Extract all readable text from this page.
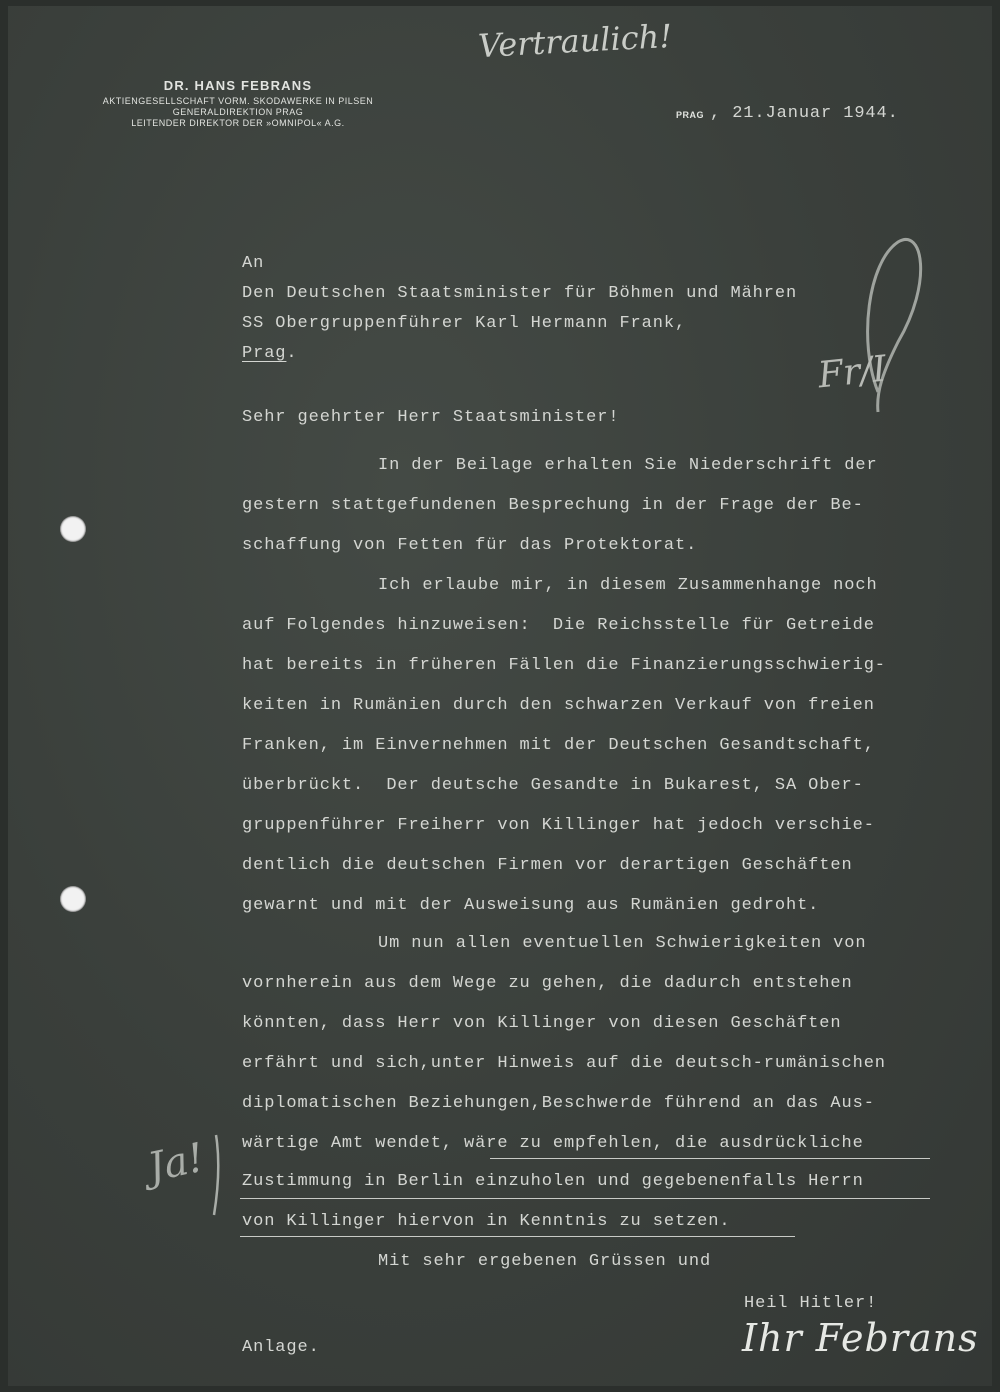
DR. HANS FEBRANS
AKTIENGESELLSCHAFT VORM. SKODAWERKE IN PILSEN
GENERALDIREKTION PRAG
LEITENDER DIREKTOR DER »OMNIPOL« A.G.
Vertraulich!
PRAG , 21.Januar 1944.
An
Den Deutschen Staatsminister für Böhmen und Mähren
SS Obergruppenführer Karl Hermann Frank,
Prag.	Fr/I
Sehr geehrter Herr Staatsminister!
In der Beilage erhalten Sie Niederschrift der
gestern stattgefundenen Besprechung in der Frage der Be-
schaffung von Fetten für das Protektorat.
Ich erlaube mir, in diesem Zusammenhange noch
auf Folgendes hinzuweisen:  Die Reichsstelle für Getreide
hat bereits in früheren Fällen die Finanzierungsschwierig-
keiten in Rumänien durch den schwarzen Verkauf von freien
Franken, im Einvernehmen mit der Deutschen Gesandtschaft,
überbrückt.  Der deutsche Gesandte in Bukarest, SA Ober-
gruppenführer Freiherr von Killinger hat jedoch verschie-
dentlich die deutschen Firmen vor derartigen Geschäften
gewarnt und mit der Ausweisung aus Rumänien gedroht.
Um nun allen eventuellen Schwierigkeiten von
vornherein aus dem Wege zu gehen, die dadurch entstehen
könnten, dass Herr von Killinger von diesen Geschäften
erfährt und sich,unter Hinweis auf die deutsch-rumänischen
diplomatischen Beziehungen,Beschwerde führend an das Aus-
wärtige Amt wendet, wäre zu empfehlen, die ausdrückliche
Zustimmung in Berlin einzuholen und gegebenenfalls Herrn
von Killinger hiervon in Kenntnis zu setzen.
Ja!
Mit sehr ergebenen Grüssen und
Heil Hitler!
Anlage.	Ihr Febrans
